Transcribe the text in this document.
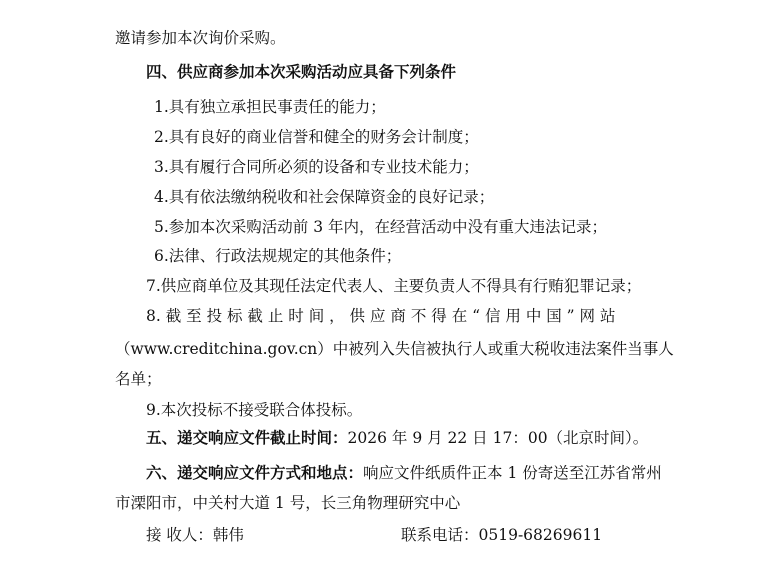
邀请参加本次询价采购。
四、供应商参加本次采购活动应具备下列条件
1.具有独立承担民事责任的能力；
2.具有良好的商业信誉和健全的财务会计制度；
3.具有履行合同所必须的设备和专业技术能力；
4.具有依法缴纳税收和社会保障资金的良好记录；
5.参加本次采购活动前 3 年内，在经营活动中没有重大违法记录；
6.法律、行政法规规定的其他条件；
7.供应商单位及其现任法定代表人、主要负责人不得具有行贿犯罪记录；
8. 截 至 投 标 截 止 时 间 ， 供 应 商 不 得 在 “ 信 用 中 国 ” 网 站
（www.creditchina.gov.cn）中被列入失信被执行人或重大税收违法案件当事人
名单；
9.本次投标不接受联合体投标。
五、递交响应文件截止时间：2026 年 9 月 22 日 17：00（北京时间）。
六、递交响应文件方式和地点：响应文件纸质件正本 1 份寄送至江苏省常州
市溧阳市，中关村大道 1 号，长三角物理研究中心
接 收人：韩伟	联系电话：0519-68269611
